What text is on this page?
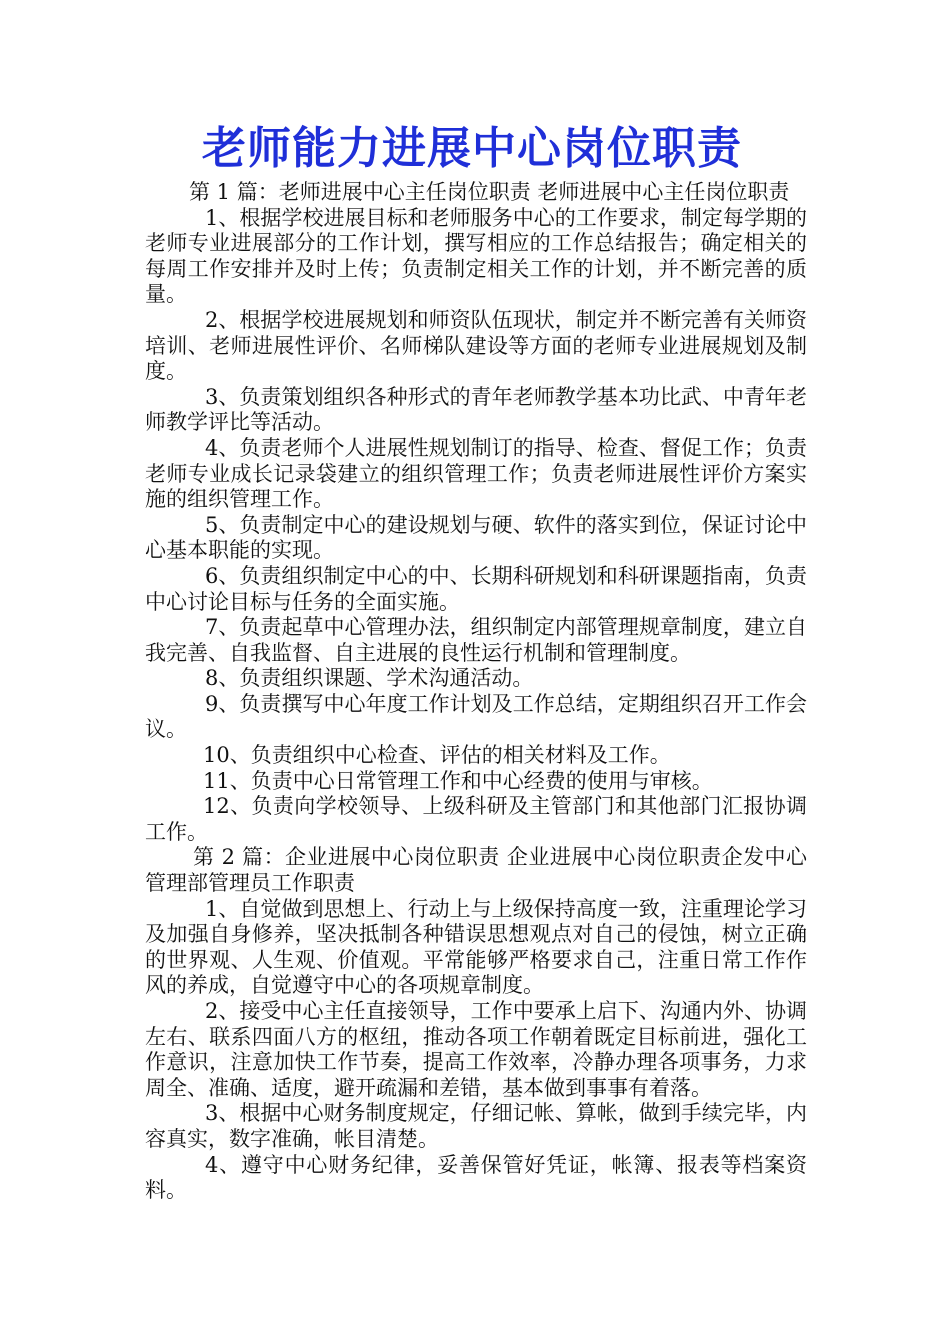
老师能力进展中心岗位职责

第 1 篇：老师进展中心主任岗位职责 老师进展中心主任岗位职责

1、根据学校进展目标和老师服务中心的工作要求，制定每学期的老师专业进展部分的工作计划，撰写相应的工作总结报告；确定相关的每周工作安排并及时上传；负责制定相关工作的计划，并不断完善的质量。

2、根据学校进展规划和师资队伍现状，制定并不断完善有关师资培训、老师进展性评价、名师梯队建设等方面的老师专业进展规划及制度。

3、负责策划组织各种形式的青年老师教学基本功比武、中青年老师教学评比等活动。

4、负责老师个人进展性规划制订的指导、检查、督促工作；负责老师专业成长记录袋建立的组织管理工作；负责老师进展性评价方案实施的组织管理工作。

5、负责制定中心的建设规划与硬、软件的落实到位，保证讨论中心基本职能的实现。

6、负责组织制定中心的中、长期科研规划和科研课题指南，负责中心讨论目标与任务的全面实施。

7、负责起草中心管理办法，组织制定内部管理规章制度，建立自我完善、自我监督、自主进展的良性运行机制和管理制度。

8、负责组织课题、学术沟通活动。

9、负责撰写中心年度工作计划及工作总结，定期组织召开工作会议。

10、负责组织中心检查、评估的相关材料及工作。

11、负责中心日常管理工作和中心经费的使用与审核。

12、负责向学校领导、上级科研及主管部门和其他部门汇报协调工作。

第 2 篇：企业进展中心岗位职责 企业进展中心岗位职责企发中心管理部管理员工作职责

1、自觉做到思想上、行动上与上级保持高度一致，注重理论学习及加强自身修养，坚决抵制各种错误思想观点对自己的侵蚀，树立正确的世界观、人生观、价值观。平常能够严格要求自己，注重日常工作作风的养成，自觉遵守中心的各项规章制度。

2、接受中心主任直接领导，工作中要承上启下、沟通内外、协调左右、联系四面八方的枢纽，推动各项工作朝着既定目标前进，强化工作意识，注意加快工作节奏，提高工作效率，冷静办理各项事务，力求周全、准确、适度，避开疏漏和差错，基本做到事事有着落。

3、根据中心财务制度规定，仔细记帐、算帐，做到手续完毕，内容真实，数字准确，帐目清楚。

4、遵守中心财务纪律，妥善保管好凭证，帐簿、报表等档案资料。
